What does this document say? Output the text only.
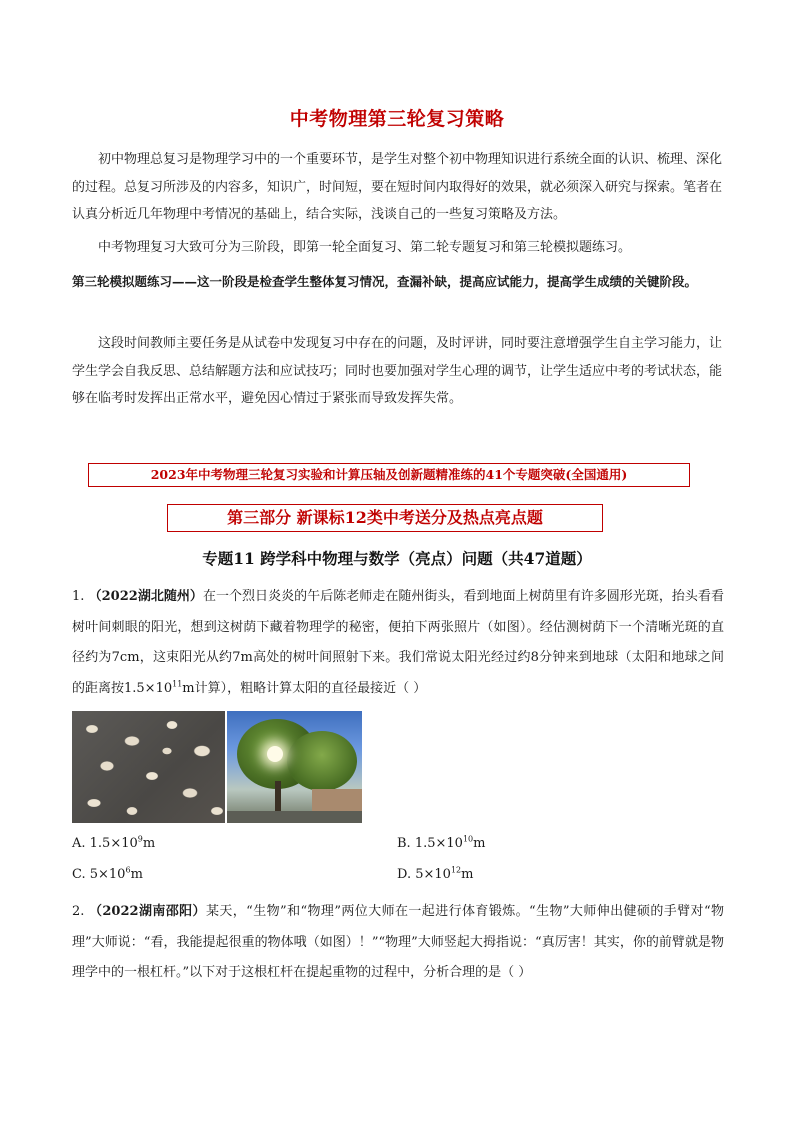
中考物理第三轮复习策略
初中物理总复习是物理学习中的一个重要环节，是学生对整个初中物理知识进行系统全面的认识、梳理、深化的过程。总复习所涉及的内容多，知识广，时间短，要在短时间内取得好的效果，就必须深入研究与探索。笔者在认真分析近几年物理中考情况的基础上，结合实际，浅谈自己的一些复习策略及方法。
中考物理复习大致可分为三阶段，即第一轮全面复习、第二轮专题复习和第三轮模拟题练习。
第三轮模拟题练习——这一阶段是检查学生整体复习情况，查漏补缺，提高应试能力，提高学生成绩的关键阶段。
这段时间教师主要任务是从试卷中发现复习中存在的问题，及时评讲，同时要注意增强学生自主学习能力，让学生学会自我反思、总结解题方法和应试技巧；同时也要加强对学生心理的调节，让学生适应中考的考试状态，能够在临考时发挥出正常水平，避免因心情过于紧张而导致发挥失常。
2023年中考物理三轮复习实验和计算压轴及创新题精准练的41个专题突破(全国通用)
第三部分 新课标12类中考送分及热点亮点题
专题11 跨学科中物理与数学（亮点）问题（共47道题）
1. （2022湖北随州）在一个烈日炎炎的午后陈老师走在随州街头，看到地面上树荫里有许多圆形光斑，抬头看看树叶间刺眼的阳光，想到这树荫下藏着物理学的秘密，便拍下两张照片（如图）。经估测树荫下一个清晰光斑的直径约为7cm，这束阳光从约7m高处的树叶间照射下来。我们常说太阳光经过约8分钟来到地球（太阳和地球之间的距离按$1.5\times 10^{11}m$计算），粗略计算太阳的直径最接近（ ）
A. $1.5\times 10^9m$	B. $1.5\times 10^{10}m$
C. $5\times 10^6m$	D. $5\times 10^{12}m$
2. （2022湖南邵阳）某天，“生物”和“物理”两位大师在一起进行体育锻炼。“生物”大师伸出健硕的手臂对“物理”大师说：“看，我能提起很重的物体哦（如图）！”“物理”大师竖起大拇指说：“真厉害！其实，你的前臂就是物理学中的一根杠杆。”以下对于这根杠杆在提起重物的过程中，分析合理的是（ ）
